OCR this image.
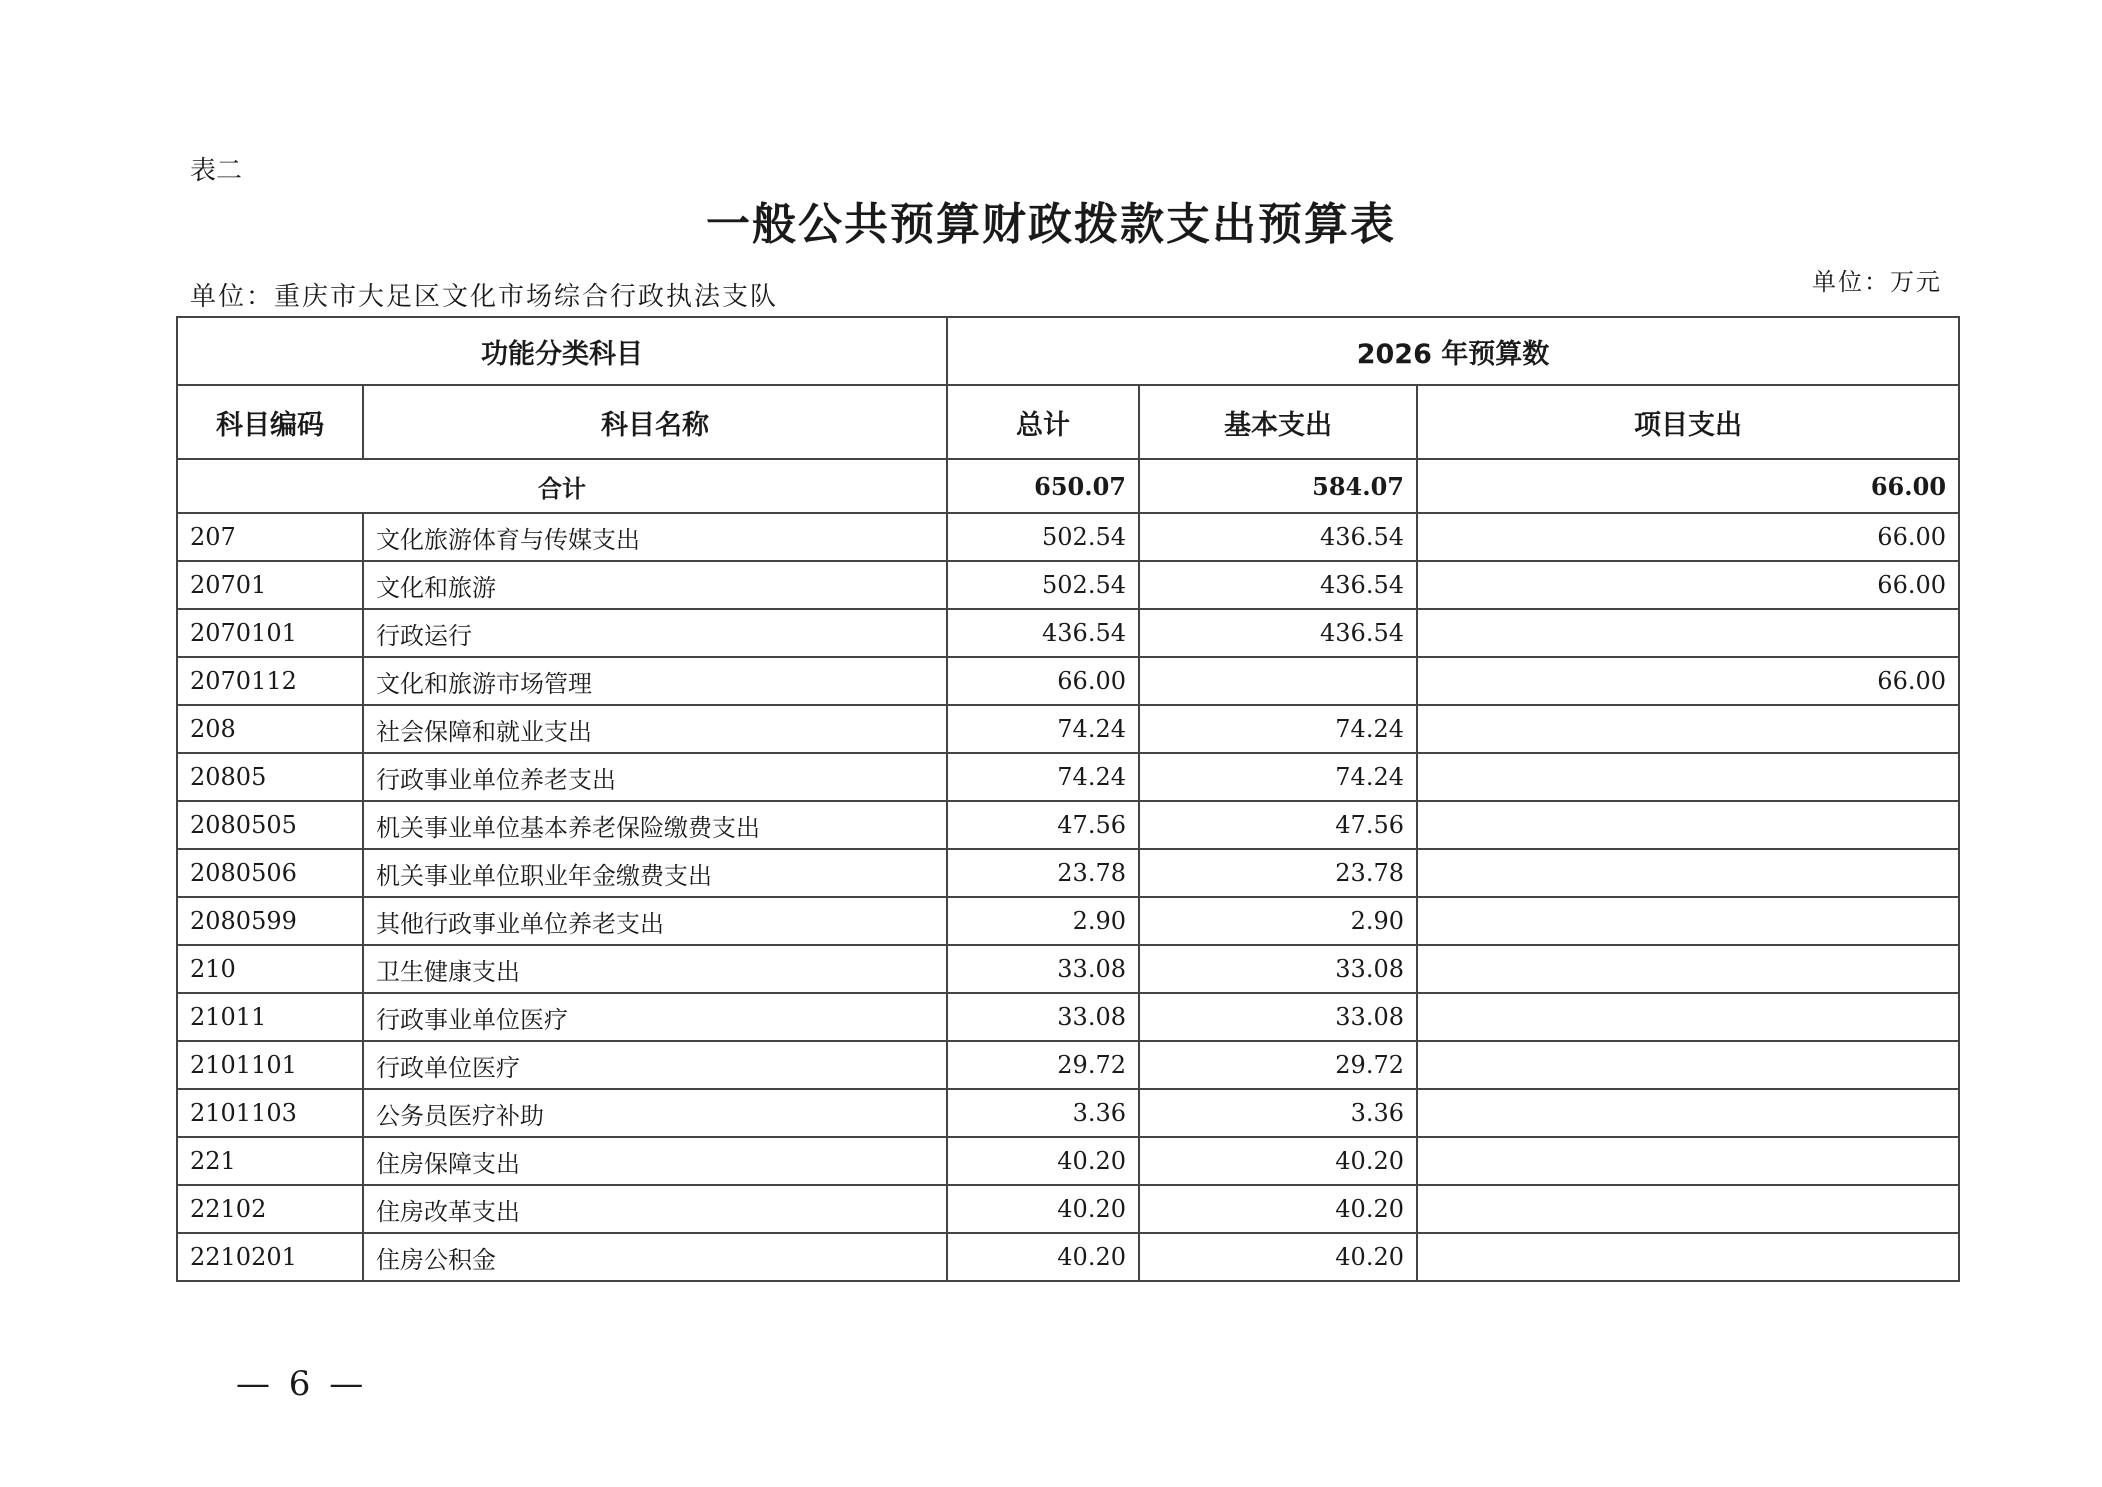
表二
一般公共预算财政拨款支出预算表
单位：重庆市大足区文化市场综合行政执法支队	单位：万元
功能分类科目		2026 年预算数		
科目编码	科目名称	总计	基本支出	项目支出
合计		650.07	584.07	66.00
207	文化旅游体育与传媒支出	502.54	436.54	66.00
20701	文化和旅游	502.54	436.54	66.00
2070101	行政运行	436.54	436.54	
2070112	文化和旅游市场管理	66.00		66.00
208	社会保障和就业支出	74.24	74.24	
20805	行政事业单位养老支出	74.24	74.24	
2080505	机关事业单位基本养老保险缴费支出	47.56	47.56	
2080506	机关事业单位职业年金缴费支出	23.78	23.78	
2080599	其他行政事业单位养老支出	2.90	2.90	
210	卫生健康支出	33.08	33.08	
21011	行政事业单位医疗	33.08	33.08	
2101101	行政单位医疗	29.72	29.72	
2101103	公务员医疗补助	3.36	3.36	
221	住房保障支出	40.20	40.20	
22102	住房改革支出	40.20	40.20	
2210201	住房公积金	40.20	40.20	
— 6 —
